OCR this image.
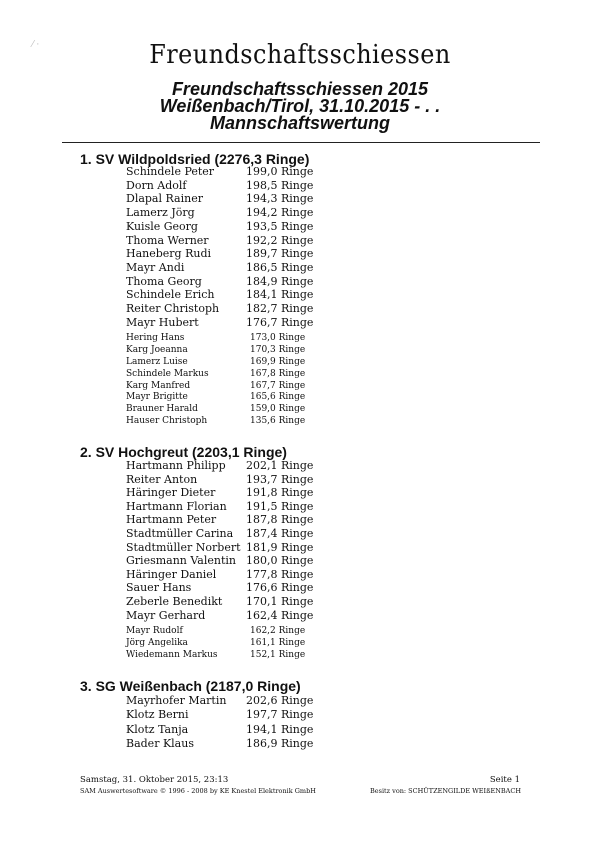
⁄ ·	Freundschaftsschiessen
Freundschaftsschiessen 2015
Weißenbach/Tirol, 31.10.2015 - . .
Mannschaftswertung
1. SV Wildpoldsried (2276,3 Ringe)
Schindele Peter	199,0 Ringe
Dorn Adolf	198,5 Ringe
Dlapal Rainer	194,3 Ringe
Lamerz Jörg	194,2 Ringe
Kuisle Georg	193,5 Ringe
Thoma Werner	192,2 Ringe
Haneberg Rudi	189,7 Ringe
Mayr Andi	186,5 Ringe
Thoma Georg	184,9 Ringe
Schindele Erich	184,1 Ringe
Reiter Christoph 182,7 Ringe
Mayr Hubert	176,7 Ringe
Hering Hans	173,0 Ringe
Karg Joeanna	170,3 Ringe
Lamerz Luise	169,9 Ringe
Schindele Markus	167,8 Ringe
Karg Manfred	167,7 Ringe
Mayr Brigitte	165,6 Ringe
Brauner Harald	159,0 Ringe
Hauser Christoph	135,6 Ringe
2. SV Hochgreut (2203,1 Ringe)
Hartmann Philipp 202,1 Ringe
Reiter Anton	193,7 Ringe
Häringer Dieter	191,8 Ringe
Hartmann Florian 191,5 Ringe
Hartmann Peter	187,8 Ringe
Stadtmüller Carina 187,4 Ringe
Stadtmüller Norbert 181,9 Ringe
Griesmann Valentin 180,0 Ringe
Häringer Daniel	177,8 Ringe
Sauer Hans	176,6 Ringe
Zeberle Benedikt 170,1 Ringe
Mayr Gerhard	162,4 Ringe
Mayr Rudolf	162,2 Ringe
Jörg Angelika	161,1 Ringe
Wiedemann Markus	152,1 Ringe
3. SG Weißenbach (2187,0 Ringe)
Mayrhofer Martin 202,6 Ringe
Klotz Berni	197,7 Ringe
Klotz Tanja	194,1 Ringe
Bader Klaus	186,9 Ringe
Samstag, 31. Oktober 2015, 23:13
SAM Auswertesoftware © 1996 - 2008 by KE Knestel Elektronik GmbH
Seite 1
Besitz von: SCHÜTZENGILDE WEIßENBACH
